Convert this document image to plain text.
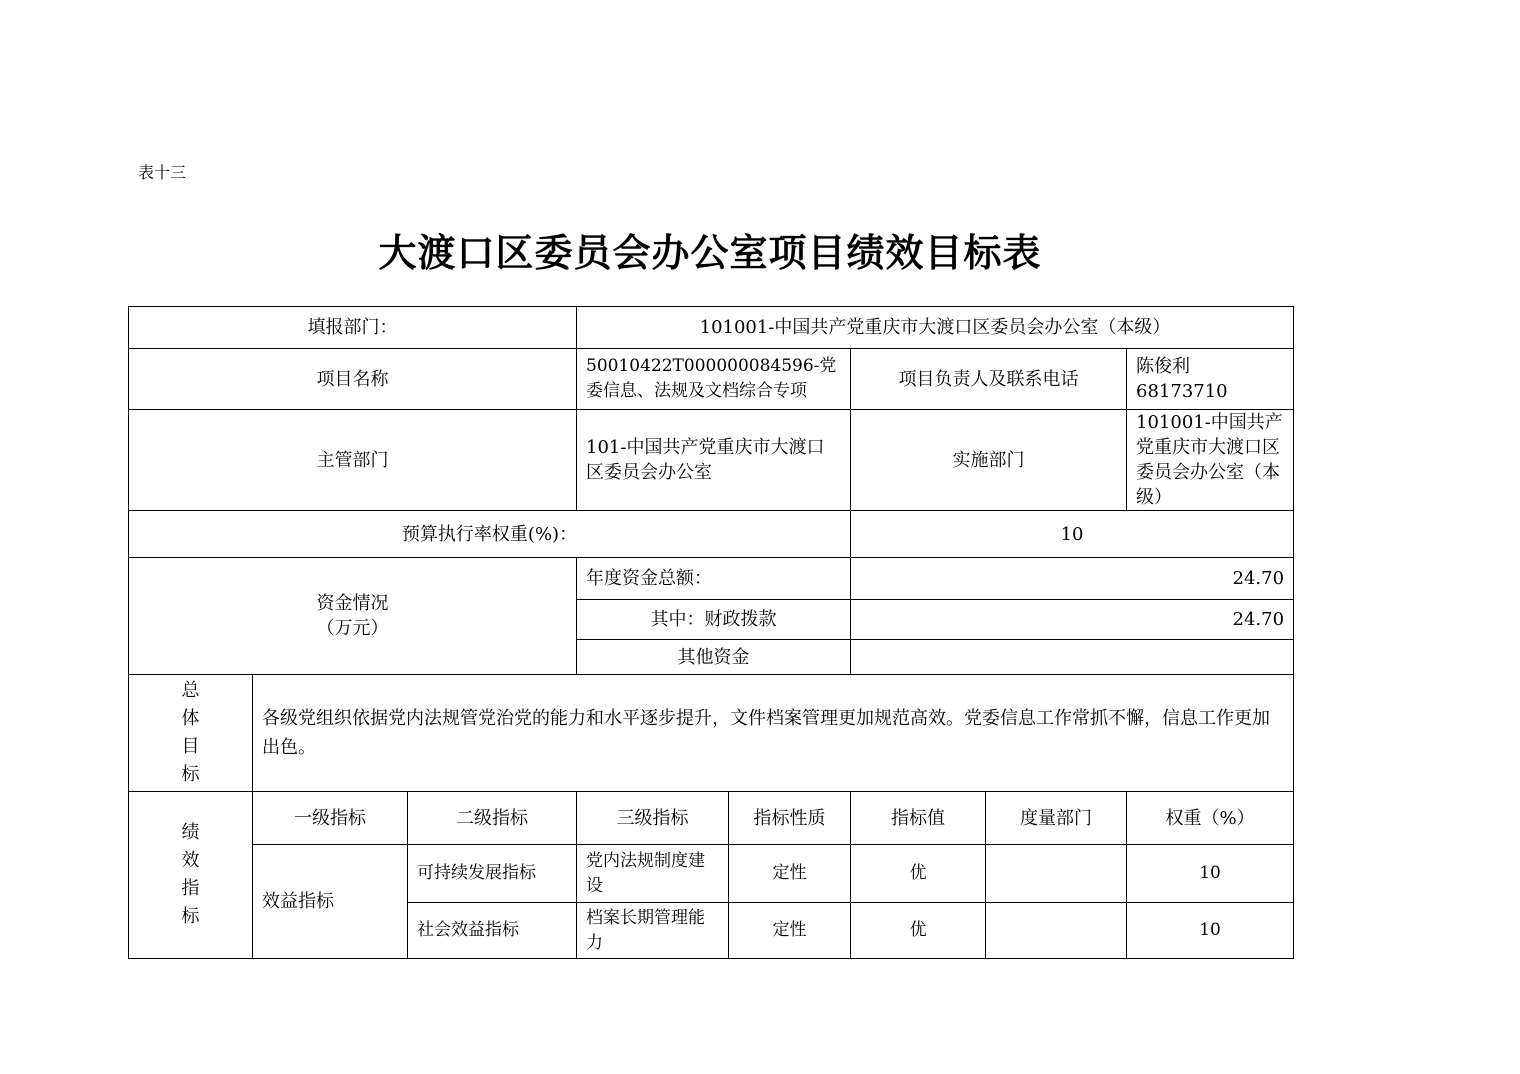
表十三
大渡口区委员会办公室项目绩效目标表
填报部门：			101001-中国共产党重庆市大渡口区委员会办公室（本级）				
项目名称			50010422T000000084596-党委信息、法规及文档综合专项		项目负责人及联系电话		陈俊利 68173710
主管部门			101-中国共产党重庆市大渡口区委员会办公室		实施部门		101001-中国共产党重庆市大渡口区委员会办公室（本级）
预算执行率权重(%)：					10		

资金情况
（万元）			年度资金总额：		24.70		
			其中：财政拨款		24.70		
			其他资金				

总
体
目
标	各级党组织依据党内法规管党治党的能力和水平逐步提升，文件档案管理更加规范高效。党委信息工作常抓不懈，信息工作更加出色。						

绩
效
指
标	一级指标	二级指标	三级指标	指标性质	指标值	度量部门	权重（%）
	效益指标	可持续发展指标	党内法规制度建设	定性	优		10
		社会效益指标	档案长期管理能力	定性	优		10
